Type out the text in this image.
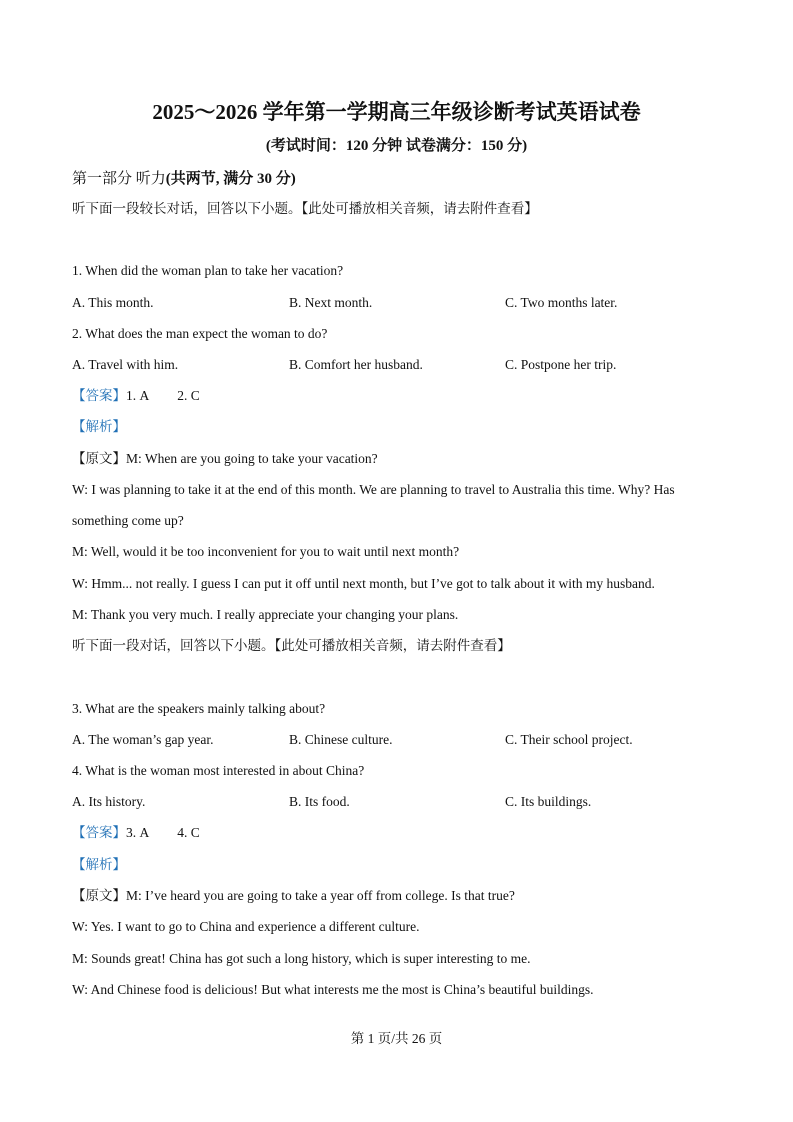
2025～2026 学年第一学期高三年级诊断考试英语试卷
(考试时间：120 分钟 试卷满分：150 分)
第一部分 听力(共两节, 满分 30 分)
听下面一段较长对话，回答以下小题。【此处可播放相关音频，请去附件查看】
1. When did the woman plan to take her vacation?
A. This month.	B. Next month.	C. Two months later.
2. What does the man expect the woman to do?
A. Travel with him.	B. Comfort her husband.	C. Postpone her trip.
【答案】1. A 2. C
【解析】
【原文】M: When are you going to take your vacation?
W: I was planning to take it at the end of this month. We are planning to travel to Australia this time. Why? Has
something come up?
M: Well, would it be too inconvenient for you to wait until next month?
W: Hmm... not really. I guess I can put it off until next month, but I’ve got to talk about it with my husband.
M: Thank you very much. I really appreciate your changing your plans.
听下面一段对话，回答以下小题。【此处可播放相关音频，请去附件查看】
3. What are the speakers mainly talking about?
A. The woman’s gap year.	B. Chinese culture.	C. Their school project.
4. What is the woman most interested in about China?
A. Its history.	B. Its food.	C. Its buildings.
【答案】3. A 4. C
【解析】
【原文】M: I’ve heard you are going to take a year off from college. Is that true?
W: Yes. I want to go to China and experience a different culture.
M: Sounds great! China has got such a long history, which is super interesting to me.
W: And Chinese food is delicious! But what interests me the most is China’s beautiful buildings.
第 1 页/共 26 页
